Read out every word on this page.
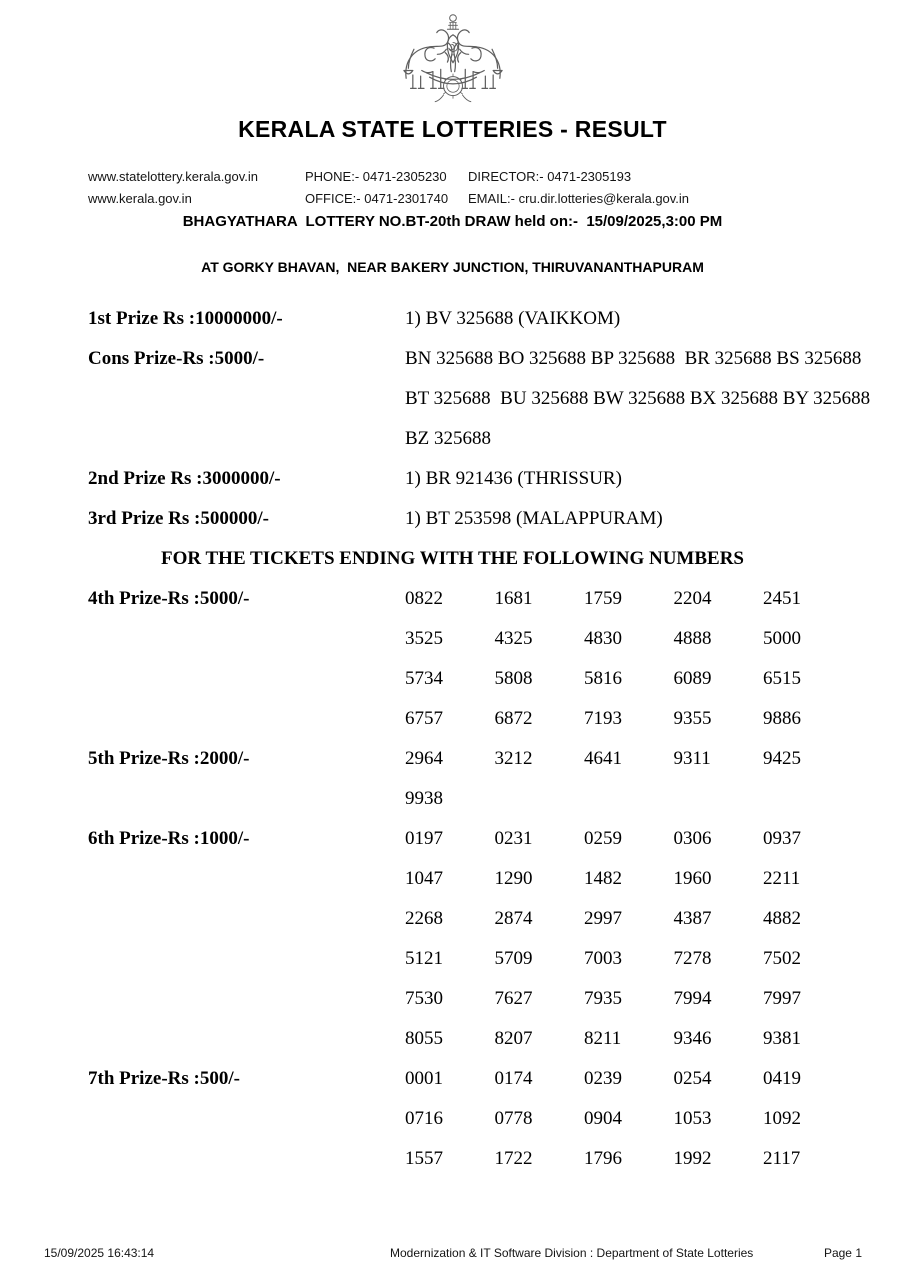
KERALA STATE LOTTERIES - RESULT
www.statelottery.kerala.gov.in	PHONE:- 0471-2305230	DIRECTOR:- 0471-2305193
www.kerala.gov.in	OFFICE:- 0471-2301740	EMAIL:- cru.dir.lotteries@kerala.gov.in
BHAGYATHARA  LOTTERY NO.BT-20th DRAW held on:-  15/09/2025,3:00 PM
AT GORKY BHAVAN,  NEAR BAKERY JUNCTION, THIRUVANANTHAPURAM
1st Prize Rs :10000000/-	1) BV 325688 (VAIKKOM)
Cons Prize-Rs :5000/-	BN 325688 BO 325688 BP 325688  BR 325688 BS 325688
BT 325688  BU 325688 BW 325688 BX 325688 BY 325688
BZ 325688
2nd Prize Rs :3000000/-	1) BR 921436 (THRISSUR)
3rd Prize Rs :500000/-	1) BT 253598 (MALAPPURAM)
FOR THE TICKETS ENDING WITH THE FOLLOWING NUMBERS
4th Prize-Rs :5000/-	0822	1681	1759	2204	2451
3525	4325	4830	4888	5000
5734	5808	5816	6089	6515
6757	6872	7193	9355	9886
5th Prize-Rs :2000/-	2964	3212	4641	9311	9425
9938
6th Prize-Rs :1000/-	0197	0231	0259	0306	0937
1047	1290	1482	1960	2211
2268	2874	2997	4387	4882
5121	5709	7003	7278	7502
7530	7627	7935	7994	7997
8055	8207	8211	9346	9381
7th Prize-Rs :500/-	0001	0174	0239	0254	0419
0716	0778	0904	1053	1092
1557	1722	1796	1992	2117
15/09/2025 16:43:14	Modernization & IT Software Division : Department of State Lotteries	Page 1
